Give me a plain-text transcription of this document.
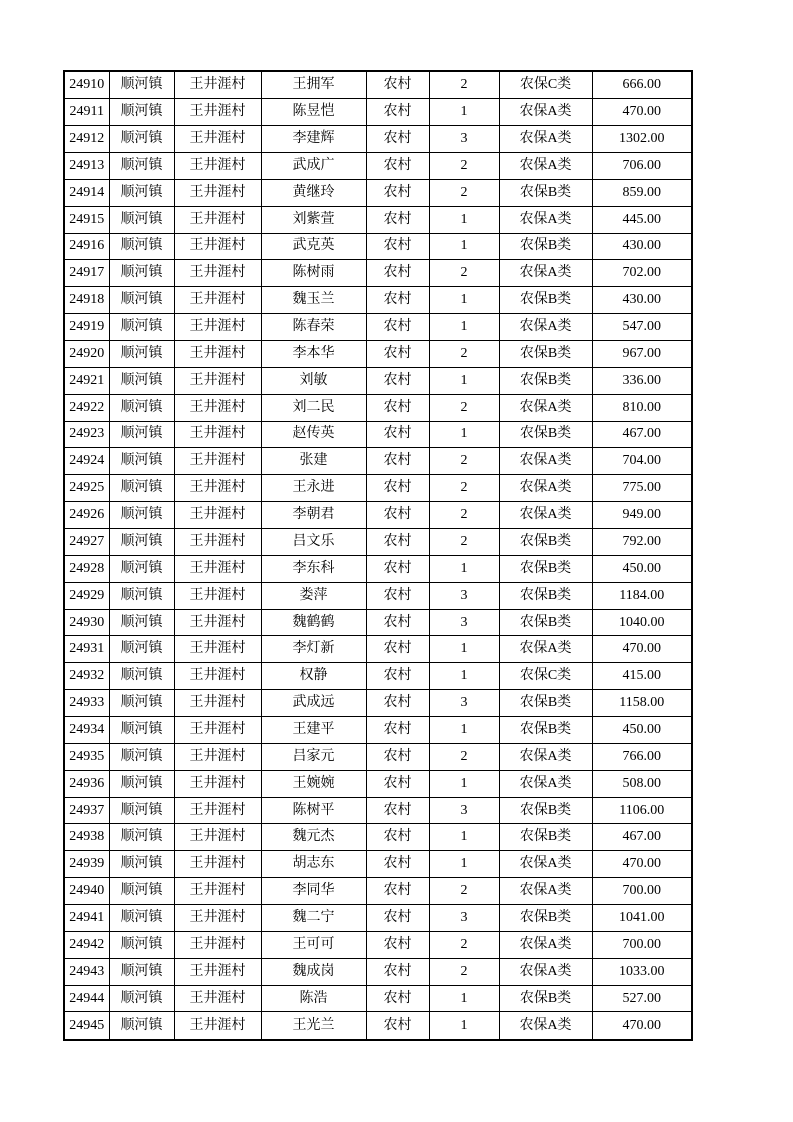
24910	顺河镇	王井涯村	王拥军	农村	2	农保C类	666.00
24911	顺河镇	王井涯村	陈昱恺	农村	1	农保A类	470.00
24912	顺河镇	王井涯村	李建辉	农村	3	农保A类	1302.00
24913	顺河镇	王井涯村	武成广	农村	2	农保A类	706.00
24914	顺河镇	王井涯村	黄继玲	农村	2	农保B类	859.00
24915	顺河镇	王井涯村	刘紫萱	农村	1	农保A类	445.00
24916	顺河镇	王井涯村	武克英	农村	1	农保B类	430.00
24917	顺河镇	王井涯村	陈树雨	农村	2	农保A类	702.00
24918	顺河镇	王井涯村	魏玉兰	农村	1	农保B类	430.00
24919	顺河镇	王井涯村	陈春荣	农村	1	农保A类	547.00
24920	顺河镇	王井涯村	李本华	农村	2	农保B类	967.00
24921	顺河镇	王井涯村	刘敏	农村	1	农保B类	336.00
24922	顺河镇	王井涯村	刘二民	农村	2	农保A类	810.00
24923	顺河镇	王井涯村	赵传英	农村	1	农保B类	467.00
24924	顺河镇	王井涯村	张建	农村	2	农保A类	704.00
24925	顺河镇	王井涯村	王永进	农村	2	农保A类	775.00
24926	顺河镇	王井涯村	李朝君	农村	2	农保A类	949.00
24927	顺河镇	王井涯村	吕文乐	农村	2	农保B类	792.00
24928	顺河镇	王井涯村	李东科	农村	1	农保B类	450.00
24929	顺河镇	王井涯村	娄萍	农村	3	农保B类	1184.00
24930	顺河镇	王井涯村	魏鹤鹤	农村	3	农保B类	1040.00
24931	顺河镇	王井涯村	李灯新	农村	1	农保A类	470.00
24932	顺河镇	王井涯村	权静	农村	1	农保C类	415.00
24933	顺河镇	王井涯村	武成远	农村	3	农保B类	1158.00
24934	顺河镇	王井涯村	王建平	农村	1	农保B类	450.00
24935	顺河镇	王井涯村	吕家元	农村	2	农保A类	766.00
24936	顺河镇	王井涯村	王婉婉	农村	1	农保A类	508.00
24937	顺河镇	王井涯村	陈树平	农村	3	农保B类	1106.00
24938	顺河镇	王井涯村	魏元杰	农村	1	农保B类	467.00
24939	顺河镇	王井涯村	胡志东	农村	1	农保A类	470.00
24940	顺河镇	王井涯村	李同华	农村	2	农保A类	700.00
24941	顺河镇	王井涯村	魏二宁	农村	3	农保B类	1041.00
24942	顺河镇	王井涯村	王可可	农村	2	农保A类	700.00
24943	顺河镇	王井涯村	魏成岗	农村	2	农保A类	1033.00
24944	顺河镇	王井涯村	陈浩	农村	1	农保B类	527.00
24945	顺河镇	王井涯村	王光兰	农村	1	农保A类	470.00
